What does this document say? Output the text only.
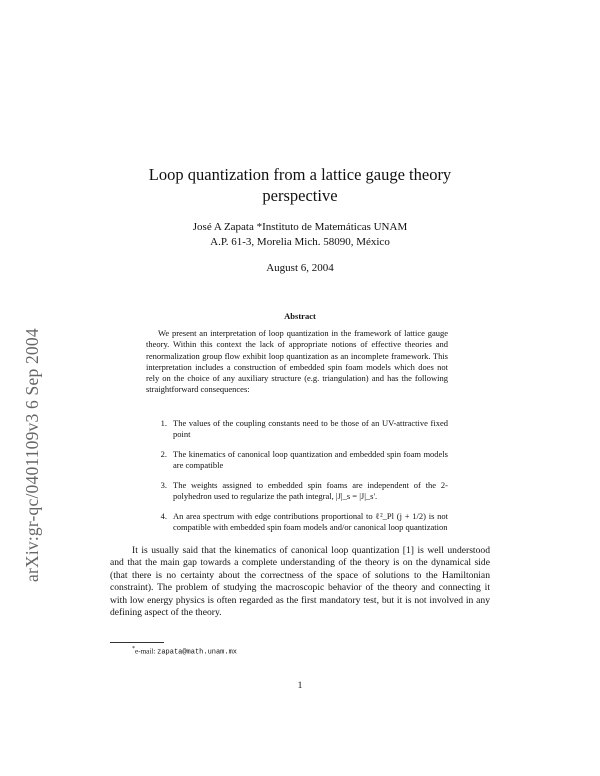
arXiv:gr-qc/0401109v3 6 Sep 2004
Loop quantization from a lattice gauge theory
perspective
José A Zapata *Instituto de Matemáticas UNAM
A.P. 61-3, Morelia Mich. 58090, México
August 6, 2004
Abstract

We present an interpretation of loop quantization in the framework of lattice gauge theory. Within this context the lack of appropriate notions of effective theories and renormalization group flow exhibit loop quantization as an incomplete framework. This interpretation includes a construction of embedded spin foam models which does not rely on the choice of any auxiliary structure (e.g. triangulation) and has the following straightforward consequences:

1. The values of the coupling constants need to be those of an UV-attractive fixed point
2. The kinematics of canonical loop quantization and embedded spin foam models are compatible
3. The weights assigned to embedded spin foams are independent of the 2-polyhedron used to regularize the path integral, |J|_s = |J|_s'.
4. An area spectrum with edge contributions proportional to ℓ²_Pl (j + 1/2) is not compatible with embedded spin foam models and/or canonical loop quantization

It is usually said that the kinematics of canonical loop quantization [1] is well understood and that the main gap towards a complete understanding of the theory is on the dynamical side (that there is no certainty about the correctness of the space of solutions to the Hamiltonian constraint). The problem of studying the macroscopic behavior of the theory and connecting it with low energy physics is often regarded as the first mandatory test, but it is not involved in any defining aspect of the theory.

*e-mail: zapata@math.unam.mx
1
